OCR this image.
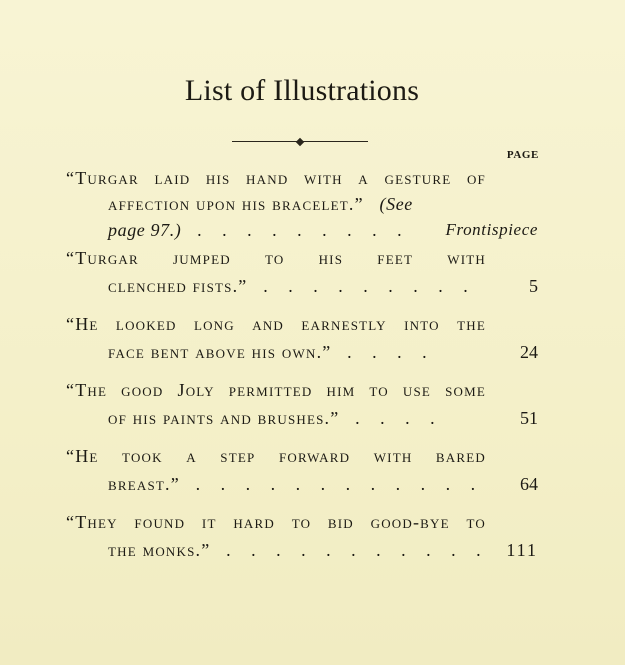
List of Illustrations
PAGE
“Turgar laid his hand with a gesture of
affection upon his bracelet.” (See
page 97.) . . . . . . . . .	Frontispiece
“Turgar jumped to his feet with
clenched fists.” . . . . . . . . .	5
“He looked long and earnestly into the
face bent above his own.” . . . .	24
“The good Joly permitted him to use some
of his paints and brushes.” . . . .	51
“He took a step forward with bared
breast.” . . . . . . . . . . . .	64
“They found it hard to bid good-bye to
the monks.” . . . . . . . . . . . 111
